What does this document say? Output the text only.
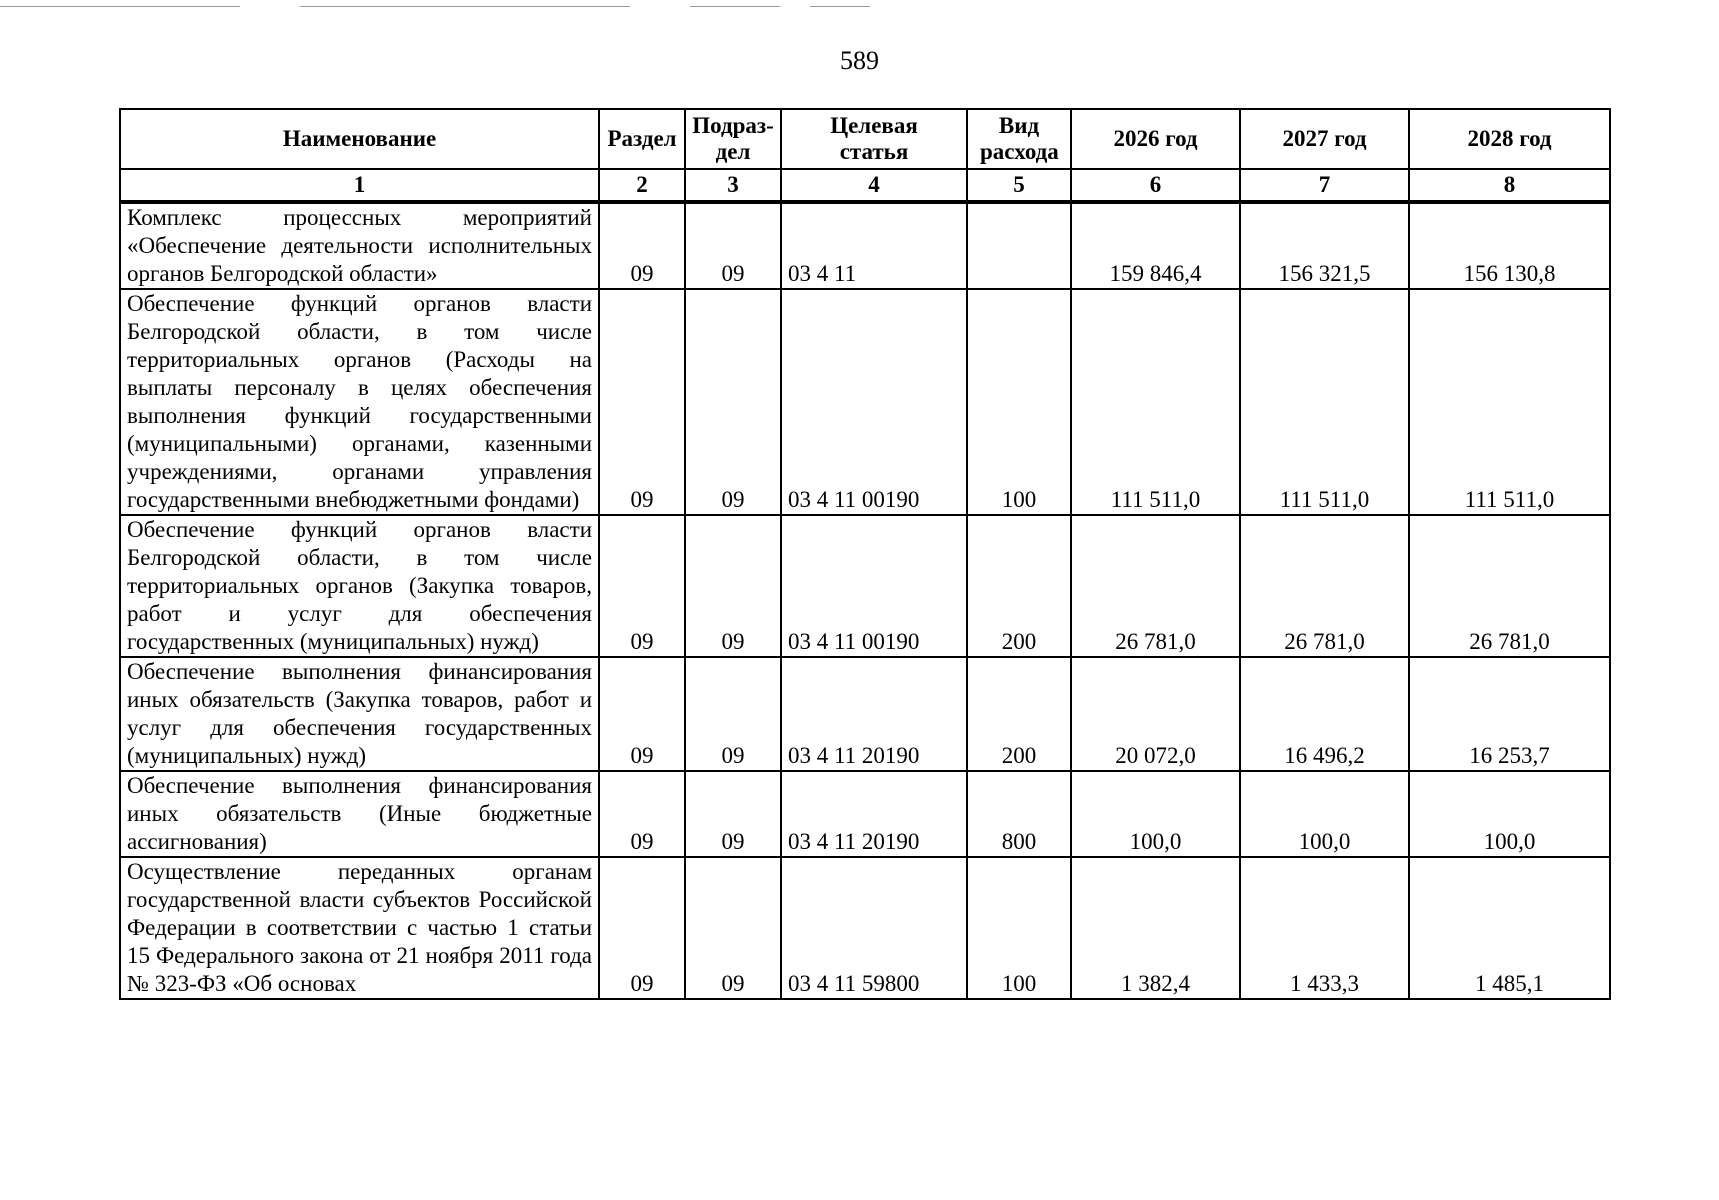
589
Наименование	Раздел	Подраз-дел	Целевая статья	Вид расхода	2026 год	2027 год	2028 год
1	2	3	4	5	6	7	8
Комплекс процессных мероприятий «Обеспечение деятельности исполнительных органов Белгородской области»	09	09	03 4 11		159 846,4	156 321,5	156 130,8
Обеспечение функций органов власти Белгородской области, в том числе территориальных органов (Расходы на выплаты персоналу в целях обеспечения выполнения функций государственными (муниципальными) органами, казенными учреждениями, органами управления государственными внебюджетными фондами)	09	09	03 4 11 00190	100	111 511,0	111 511,0	111 511,0
Обеспечение функций органов власти Белгородской области, в том числе территориальных органов (Закупка товаров, работ и услуг для обеспечения государственных (муниципальных) нужд)	09	09	03 4 11 00190	200	26 781,0	26 781,0	26 781,0
Обеспечение выполнения финансирования иных обязательств (Закупка товаров, работ и услуг для обеспечения государственных (муниципальных) нужд)	09	09	03 4 11 20190	200	20 072,0	16 496,2	16 253,7
Обеспечение выполнения финансирования иных обязательств (Иные бюджетные ассигнования)	09	09	03 4 11 20190	800	100,0	100,0	100,0
Осуществление переданных органам государственной власти субъектов Российской Федерации в соответствии с частью 1 статьи 15 Федерального закона от 21 ноября 2011 года № 323-ФЗ «Об основах	09	09	03 4 11 59800	100	1 382,4	1 433,3	1 485,1
